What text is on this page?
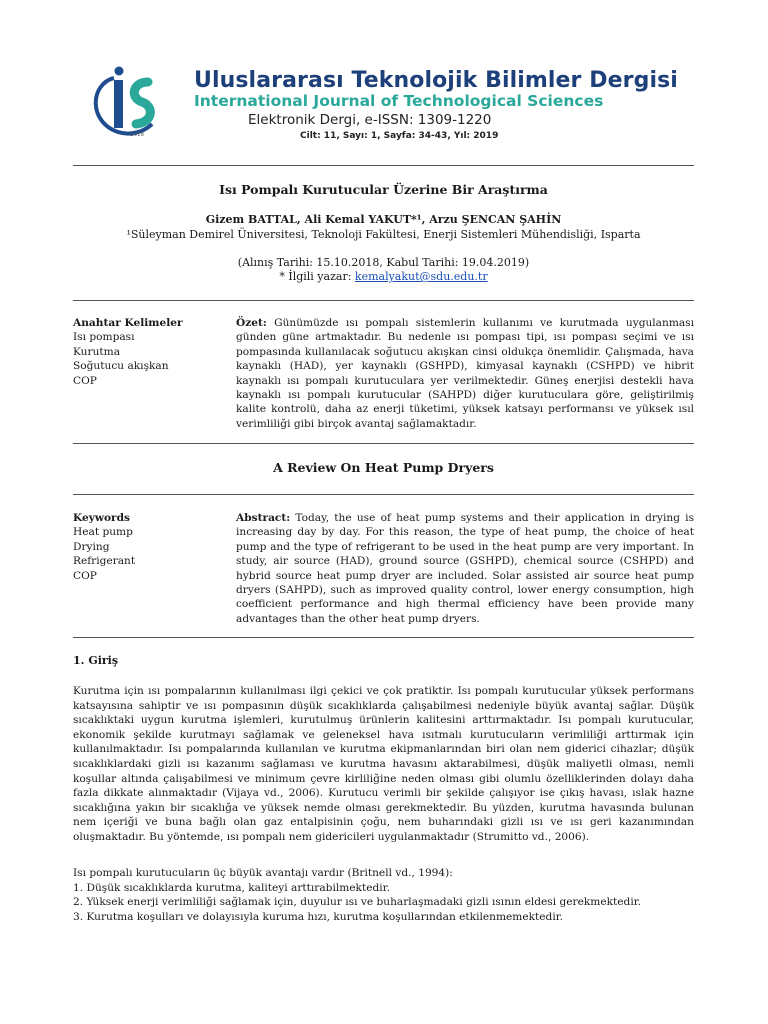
2018
Uluslararası Teknolojik Bilimler Dergisi
International Journal of Technological Sciences
Elektronik Dergi, e-ISSN: 1309-1220
Cilt: 11, Sayı: 1, Sayfa: 34-43, Yıl: 2019
Isı Pompalı Kurutucular Üzerine Bir Araştırma
Gizem BATTAL, Ali Kemal YAKUT*¹, Arzu ŞENCAN ŞAHİN
¹Süleyman Demirel Üniversitesi, Teknoloji Fakültesi, Enerji Sistemleri Mühendisliği, Isparta
(Alınış Tarihi: 15.10.2018, Kabul Tarihi: 19.04.2019)
* İlgili yazar: kemalyakut@sdu.edu.tr
Anahtar Kelimeler
Isı pompası
Kurutma
Soğutucu akışkan
COP
Özet: Günümüzde ısı pompalı sistemlerin kullanımı ve kurutmada uygulanması günden güne artmaktadır. Bu nedenle ısı pompası tipi, ısı pompası seçimi ve ısı pompasında kullanılacak soğutucu akışkan cinsi oldukça önemlidir. Çalışmada, hava kaynaklı (HAD), yer kaynaklı (GSHPD), kimyasal kaynaklı (CSHPD) ve hibrit kaynaklı ısı pompalı kurutuculara yer verilmektedir. Güneş enerjisi destekli hava kaynaklı ısı pompalı kurutucular (SAHPD) diğer kurutuculara göre, geliştirilmiş kalite kontrolü, daha az enerji tüketimi, yüksek katsayı performansı ve yüksek ısıl verimliliği gibi birçok avantaj sağlamaktadır.
A Review On Heat Pump Dryers
Keywords
Heat pump
Drying
Refrigerant
COP
Abstract: Today, the use of heat pump systems and their application in drying is increasing day by day. For this reason, the type of heat pump, the choice of heat pump and the type of refrigerant to be used in the heat pump are very important. In study, air source (HAD), ground source (GSHPD), chemical source (CSHPD) and hybrid source heat pump dryer are included. Solar assisted air source heat pump dryers (SAHPD), such as improved quality control, lower energy consumption, high coefficient performance and high thermal efficiency have been provide many advantages than the other heat pump dryers.
1. Giriş
Kurutma için ısı pompalarının kullanılması ilgi çekici ve çok pratiktir. Isı pompalı kurutucular yüksek performans katsayısına sahiptir ve ısı pompasının düşük sıcaklıklarda çalışabilmesi nedeniyle büyük avantaj sağlar. Düşük sıcaklıktaki uygun kurutma işlemleri, kurutulmuş ürünlerin kalitesini arttırmaktadır. Isı pompalı kurutucular, ekonomik şekilde kurutmayı sağlamak ve geleneksel hava ısıtmalı kurutucuların verimliliği arttırmak için kullanılmaktadır. Isı pompalarında kullanılan ve kurutma ekipmanlarından biri olan nem giderici cihazlar; düşük sıcaklıklardaki gizli ısı kazanımı sağlaması ve kurutma havasını aktarabilmesi, düşük maliyetli olması, nemli koşullar altında çalışabilmesi ve minimum çevre kirliliğine neden olması gibi olumlu özelliklerinden dolayı daha fazla dikkate alınmaktadır (Vijaya vd., 2006). Kurutucu verimli bir şekilde çalışıyor ise çıkış havası, ıslak hazne sıcaklığına yakın bir sıcaklığa ve yüksek nemde olması gerekmektedir. Bu yüzden, kurutma havasında bulunan nem içeriği ve buna bağlı olan gaz entalpisinin çoğu, nem buharındaki gizli ısı ve ısı geri kazanımından oluşmaktadır. Bu yöntemde, ısı pompalı nem gidericileri uygulanmaktadır (Strumitto vd., 2006).
Isı pompalı kurutucuların üç büyük avantajı vardır (Britnell vd., 1994):
1. Düşük sıcaklıklarda kurutma, kaliteyi arttırabilmektedir.
2. Yüksek enerji verimliliği sağlamak için, duyulur ısı ve buharlaşmadaki gizli ısının eldesi gerekmektedir.
3. Kurutma koşulları ve dolayısıyla kuruma hızı, kurutma koşullarından etkilenmemektedir.
